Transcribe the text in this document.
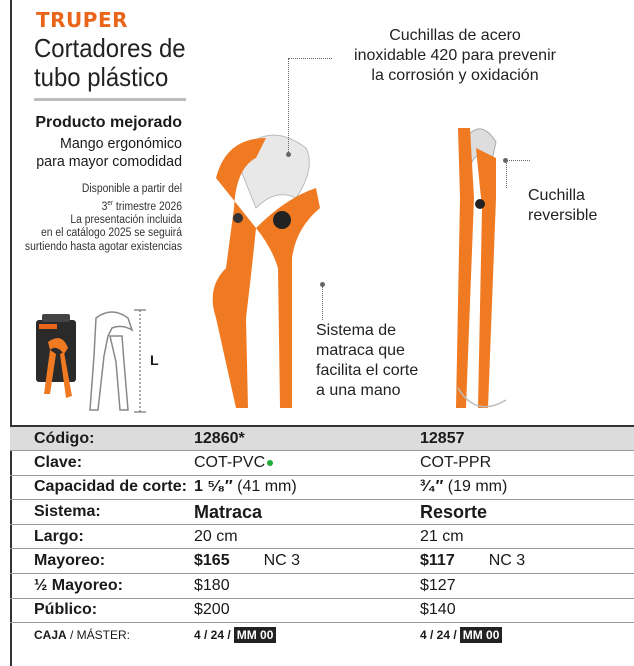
TRUPER
Cortadores de
tubo plástico
Producto mejorado
Mango ergonómico
para mayor comodidad
Disponible a partir del
3er trimestre 2026
La presentación incluida
en el catálogo 2025 se seguirá
surtiendo hasta agotar existencias
L
Cuchillas de acero
inoxidable 420 para prevenir
la corrosión y oxidación
Cuchilla
reversible
Sistema de
matraca que
facilita el corte
a una mano
Código:	12860*	12857
Clave:	COT-PVC	COT-PPR
Capacidad de corte:	1 ⁵⁄₈″ (41 mm)	³⁄₄″ (19 mm)
Sistema:	Matraca	Resorte
Largo:	20 cm	21 cm
Mayoreo:	$165 NC 3	$117 NC 3
½ Mayoreo:	$180	$127
Público:	$200	$140
CAJA / MÁSTER:	4 / 24 / MM 00	4 / 24 / MM 00
